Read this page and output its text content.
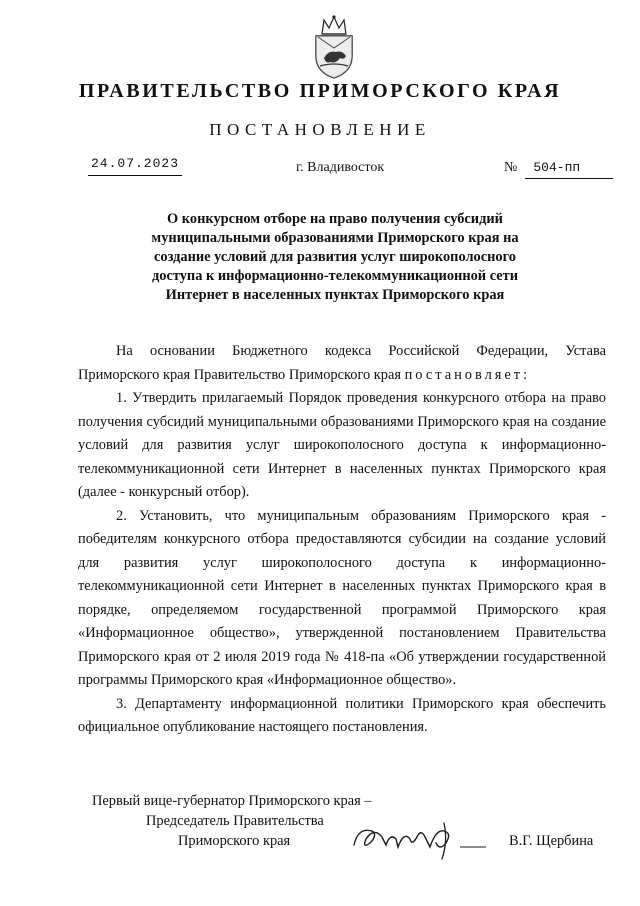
ПРАВИТЕЛЬСТВО ПРИМОРСКОГО КРАЯ
ПОСТАНОВЛЕНИЕ
24.07.2023	г. Владивосток	№	504-пп
О конкурсном отборе на право получения субсидий муниципальными образованиями Приморского края на создание условий для развития услуг широкополосного доступа к информационно-телекоммуникационной сети Интернет в населенных пунктах Приморского края

На основании Бюджетного кодекса Российской Федерации, Устава Приморского края Правительство Приморского края постановляет:

1. Утвердить прилагаемый Порядок проведения конкурсного отбора на право получения субсидий муниципальными образованиями Приморского края на создание условий для развития услуг широкополосного доступа к информационно-телекоммуникационной сети Интернет в населенных пунктах Приморского края (далее - конкурсный отбор).

2. Установить, что муниципальным образованиям Приморского края - победителям конкурсного отбора предоставляются субсидии на создание условий для развития услуг широкополосного доступа к информационно-телекоммуникационной сети Интернет в населенных пунктах Приморского края в порядке, определяемом государственной программой Приморского края «Информационное общество», утвержденной постановлением Правительства Приморского края от 2 июля 2019 года № 418-па «Об утверждении государственной программы Приморского края «Информационное общество».

3. Департаменту информационной политики Приморского края обеспечить официальное опубликование настоящего постановления.

Первый вице-губернатор Приморского края –
Председатель Правительства
Приморского края	В.Г. Щербина
